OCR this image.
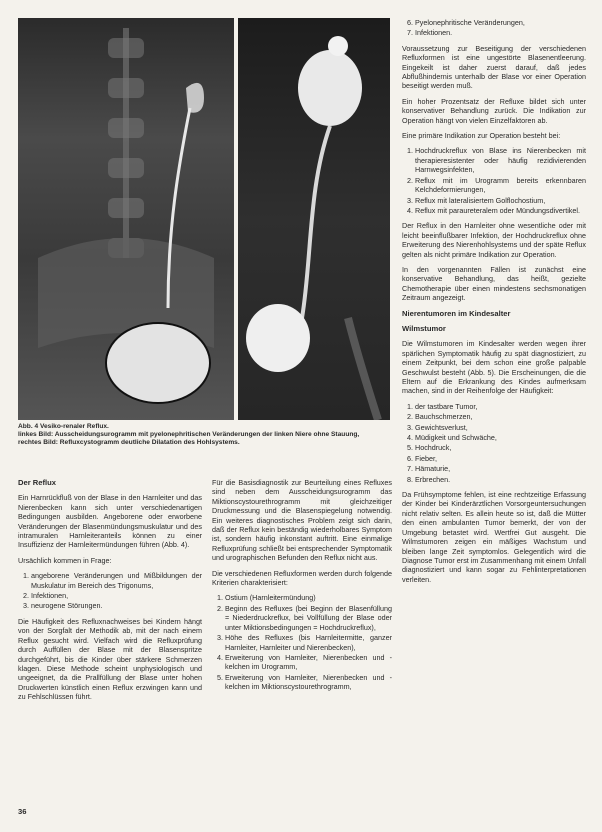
Abb. 4 Vesiko-renaler Reflux.
linkes Bild: Ausscheidungsurogramm mit pyelonephritischen Veränderungen der linken Niere ohne Stauung,
rechtes Bild: Refluxcystogramm deutliche Dilatation des Hohlsystems.
Der Reflux

Ein Harnrückfluß von der Blase in den Harnleiter und das Nierenbecken kann sich unter verschiedenartigen Bedingungen ausbilden. Angeborene oder erworbene Veränderungen der Blasenmündungsmuskulatur und des intramuralen Harnleiteranteils können zu einer Insuffizienz der Harnleitermündungen führen (Abb. 4).

Ursächlich kommen in Frage:

1. angeborene Veränderungen und Mißbildungen der Muskulatur im Bereich des Trigonums,
2. Infektionen,
3. neurogene Störungen.

Die Häufigkeit des Refluxnachweises bei Kindern hängt von der Sorgfalt der Methodik ab, mit der nach einem Reflux gesucht wird. Vielfach wird die Refluxprüfung durch Auffüllen der Blase mit der Blasenspritze durchgeführt, bis die Kinder über stärkere Schmerzen klagen. Diese Methode scheint unphysiologisch und ungeeignet, da die Prallfüllung der Blase unter hohen Druckwerten künstlich einen Reflux erzwingen kann und zu Fehlschlüssen führt.

Für die Basisdiagnostik zur Beurteilung eines Refluxes sind neben dem Ausscheidungsurogramm das Miktionscystourethrogramm mit gleichzeitiger Druckmessung und die Blasenspiegelung notwendig. Ein weiteres diagnostisches Problem zeigt sich darin, daß der Reflux kein beständig wiederholbares Symptom ist, sondern häufig inkonstant auftritt. Eine einmalige Refluxprüfung schließt bei entsprechender Symptomatik und urographischen Befunden den Reflux nicht aus.

Die verschiedenen Refluxformen werden durch folgende Kriterien charakterisiert:

1. Ostium (Harnleitermündung)
2. Beginn des Refluxes (bei Beginn der Blasenfüllung = Niederdruckreflux, bei Vollfüllung der Blase oder unter Miktionsbedingungen = Hochdruckreflux),
3. Höhe des Refluxes (bis Harnleitermitte, ganzer Harnleiter, Harnleiter und Nierenbecken),
4. Erweiterung von Harnleiter, Nierenbecken und -kelchen im Urogramm,
5. Erweiterung von Harnleiter, Nierenbecken und -kelchen im Miktionscystourethrogramm,
6. Pyelonephritische Veränderungen,
7. Infektionen.

Voraussetzung zur Beseitigung der verschiedenen Refluxformen ist eine ungestörte Blasenentleerung. Eingekeilt ist daher zuerst darauf, daß jedes Abflußhindernis unterhalb der Blase vor einer Operation beseitigt werden muß.

Ein hoher Prozentsatz der Refluxe bildet sich unter konservativer Behandlung zurück. Die Indikation zur Operation hängt von vielen Einzelfaktoren ab.

Eine primäre Indikation zur Operation besteht bei:

1. Hochdruckreflux von Blase ins Nierenbecken mit therapieresistenter oder häufig rezidivierenden Harnwegsinfekten,
2. Reflux mit im Urogramm bereits erkennbaren Kelchdeformierungen,
3. Reflux mit lateralisiertem Golflochostium,
4. Reflux mit paraureteralem oder Mündungsdivertikel.

Der Reflux in den Harnleiter ohne wesentliche oder mit leicht beeinflußbarer Infektion, der Hochdruckreflux ohne Erweiterung des Nierenhohlsystems und der späte Reflux gelten als nicht primäre Indikation zur Operation.

In den vorgenannten Fällen ist zunächst eine konservative Behandlung, das heißt, gezielte Chemotherapie über einen mindestens sechsmonatigen Zeitraum angezeigt.

Nierentumoren im Kindesalter
Wilmstumor

Die Wilmstumoren im Kindesalter werden wegen ihrer spärlichen Symptomatik häufig zu spät diagnostiziert, zu einem Zeitpunkt, bei dem schon eine große palpable Geschwulst besteht (Abb. 5). Die Erscheinungen, die die Eltern auf die Erkrankung des Kindes aufmerksam machen, sind in der Reihenfolge der Häufigkeit:

1. der tastbare Tumor,
2. Bauchschmerzen,
3. Gewichtsverlust,
4. Müdigkeit und Schwäche,
5. Hochdruck,
6. Fieber,
7. Hämaturie,
8. Erbrechen.

Da Frühsymptome fehlen, ist eine rechtzeitige Erfassung der Kinder bei Kinderärztlichen Vorsorgeuntersuchungen nicht relativ selten. Es allein heute so ist, daß die Mütter den einen ambulanten Tumor bemerkt, der von der Umgebung betastet wird. Wertfrei Gut ausgeht. Die Wilmstumoren zeigen ein mäßiges Wachstum und bleiben lange Zeit symptomlos. Gelegentlich wird die Diagnose Tumor erst im Zusammenhang mit einem Unfall diagnostiziert und kann sogar zu Fehlinterpretationen verleiten.

36
